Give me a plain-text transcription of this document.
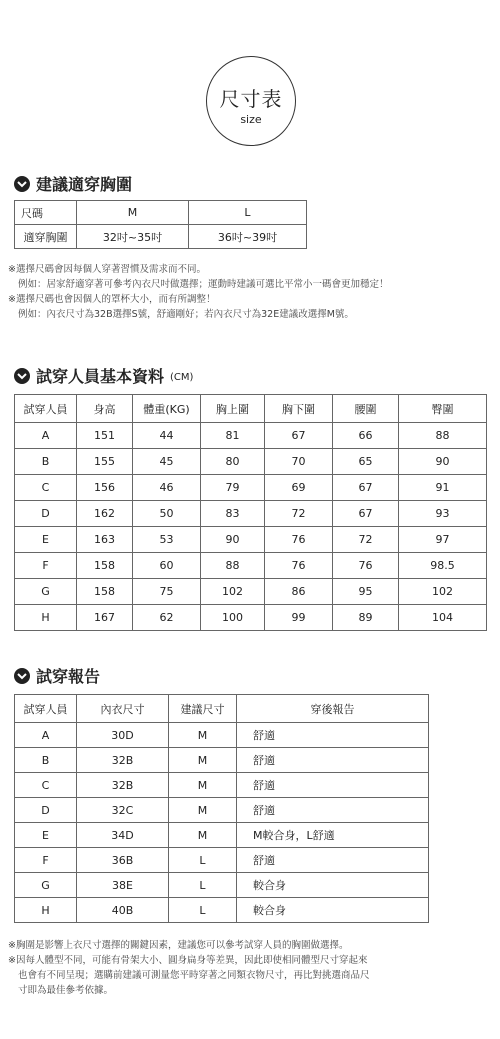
尺寸表
size
建議適穿胸圍
尺碼	M	L
適穿胸圍	32吋~35吋	36吋~39吋
※選擇尺碼會因每個人穿著習慣及需求而不同。
例如：居家舒適穿著可參考內衣尺吋做選擇；運動時建議可選比平常小一碼會更加穩定！
※選擇尺碼也會因個人的罩杯大小，而有所調整！
例如：內衣尺寸為32B選擇S號，舒適剛好；若內衣尺寸為32E建議改選擇M號。
試穿人員基本資料 (CM)
試穿人員	身高	體重(KG)	胸上圍	胸下圍	腰圍	臀圍
A	151	44	81	67	66	88
B	155	45	80	70	65	90
C	156	46	79	69	67	91
D	162	50	83	72	67	93
E	163	53	90	76	72	97
F	158	60	88	76	76	98.5
G	158	75	102	86	95	102
H	167	62	100	99	89	104
試穿報告
試穿人員	內衣尺寸	建議尺寸	穿後報告
A	30D	M	舒適
B	32B	M	舒適
C	32B	M	舒適
D	32C	M	舒適
E	34D	M	M較合身，L舒適
F	36B	L	舒適
G	38E	L	較合身
H	40B	L	較合身
※胸圍是影響上衣尺寸選擇的關鍵因素，建議您可以參考試穿人員的胸圍做選擇。
※因每人體型不同，可能有骨架大小、圓身扁身等差異，因此即使相同體型尺寸穿起來
也會有不同呈現；選購前建議可測量您平時穿著之同類衣物尺寸，再比對挑選商品尺
寸即為最佳參考依據。
